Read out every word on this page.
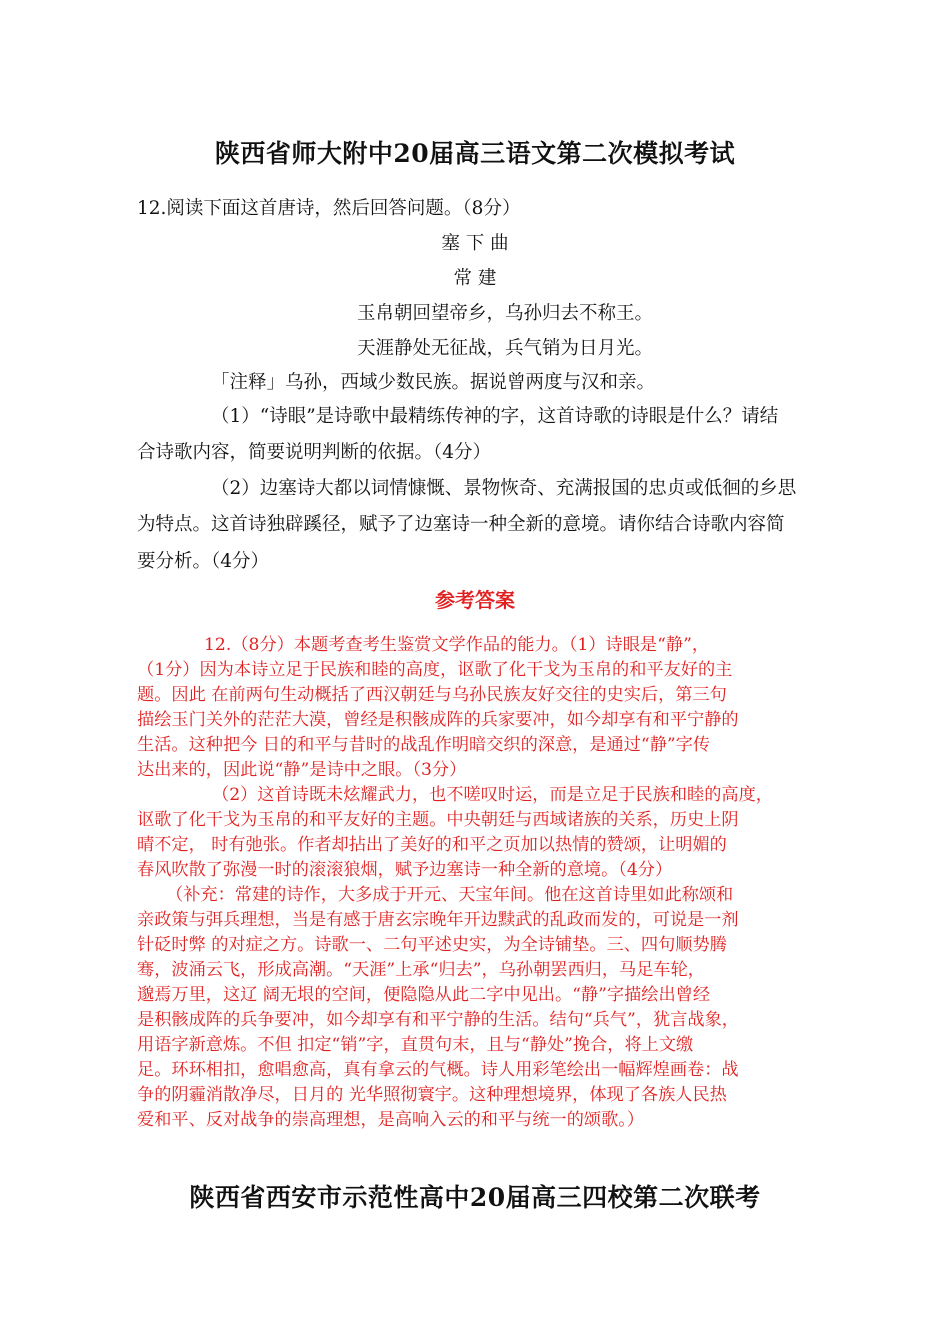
陕西省师大附中20届高三语文第二次模拟考试
12.阅读下面这首唐诗，然后回答问题。（8分）
塞 下 曲
常 建
玉帛朝回望帝乡，乌孙归去不称王。
天涯静处无征战，兵气销为日月光。
「注释」乌孙，西域少数民族。据说曾两度与汉和亲。
（1）“诗眼”是诗歌中最精练传神的字，这首诗歌的诗眼是什么？请结
合诗歌内容，简要说明判断的依据。（4分）
（2）边塞诗大都以词情慷慨、景物恢奇、充满报国的忠贞或低徊的乡思
为特点。这首诗独辟蹊径，赋予了边塞诗一种全新的意境。请你结合诗歌内容简
要分析。（4分）
参考答案
12.（8分）本题考查考生鉴赏文学作品的能力。（1）诗眼是“静”，
（1分）因为本诗立足于民族和睦的高度，讴歌了化干戈为玉帛的和平友好的主
题。因此 在前两句生动概括了西汉朝廷与乌孙民族友好交往的史实后，第三句
描绘玉门关外的茫茫大漠，曾经是积骸成阵的兵家要冲，如今却享有和平宁静的
生活。这种把今 日的和平与昔时的战乱作明暗交织的深意，是通过“静”字传
达出来的，因此说“静”是诗中之眼。（3分）
（2）这首诗既未炫耀武力，也不嗟叹时运，而是立足于民族和睦的高度，
讴歌了化干戈为玉帛的和平友好的主题。中央朝廷与西域诸族的关系，历史上阴
晴不定， 时有弛张。作者却拈出了美好的和平之页加以热情的赞颂，让明媚的
春风吹散了弥漫一时的滚滚狼烟，赋予边塞诗一种全新的意境。（4分）
（补充：常建的诗作，大多成于开元、天宝年间。他在这首诗里如此称颂和
亲政策与弭兵理想，当是有感于唐玄宗晚年开边黩武的乱政而发的，可说是一剂
针砭时弊 的对症之方。诗歌一、二句平述史实，为全诗铺垫。三、四句顺势腾
骞，波涌云飞，形成高潮。“天涯”上承“归去”，乌孙朝罢西归，马足车轮，
邈焉万里，这辽 阔无垠的空间，便隐隐从此二字中见出。“静”字描绘出曾经
是积骸成阵的兵争要冲，如今却享有和平宁静的生活。结句“兵气”，犹言战象，
用语字新意炼。不但 扣定“销”字，直贯句末，且与“静处”挽合，将上文缴
足。环环相扣，愈唱愈高，真有拿云的气概。诗人用彩笔绘出一幅辉煌画卷：战
争的阴霾消散净尽，日月的 光华照彻寰宇。这种理想境界，体现了各族人民热
爱和平、反对战争的崇高理想，是高响入云的和平与统一的颂歌。）
陕西省西安市示范性高中20届高三四校第二次联考
